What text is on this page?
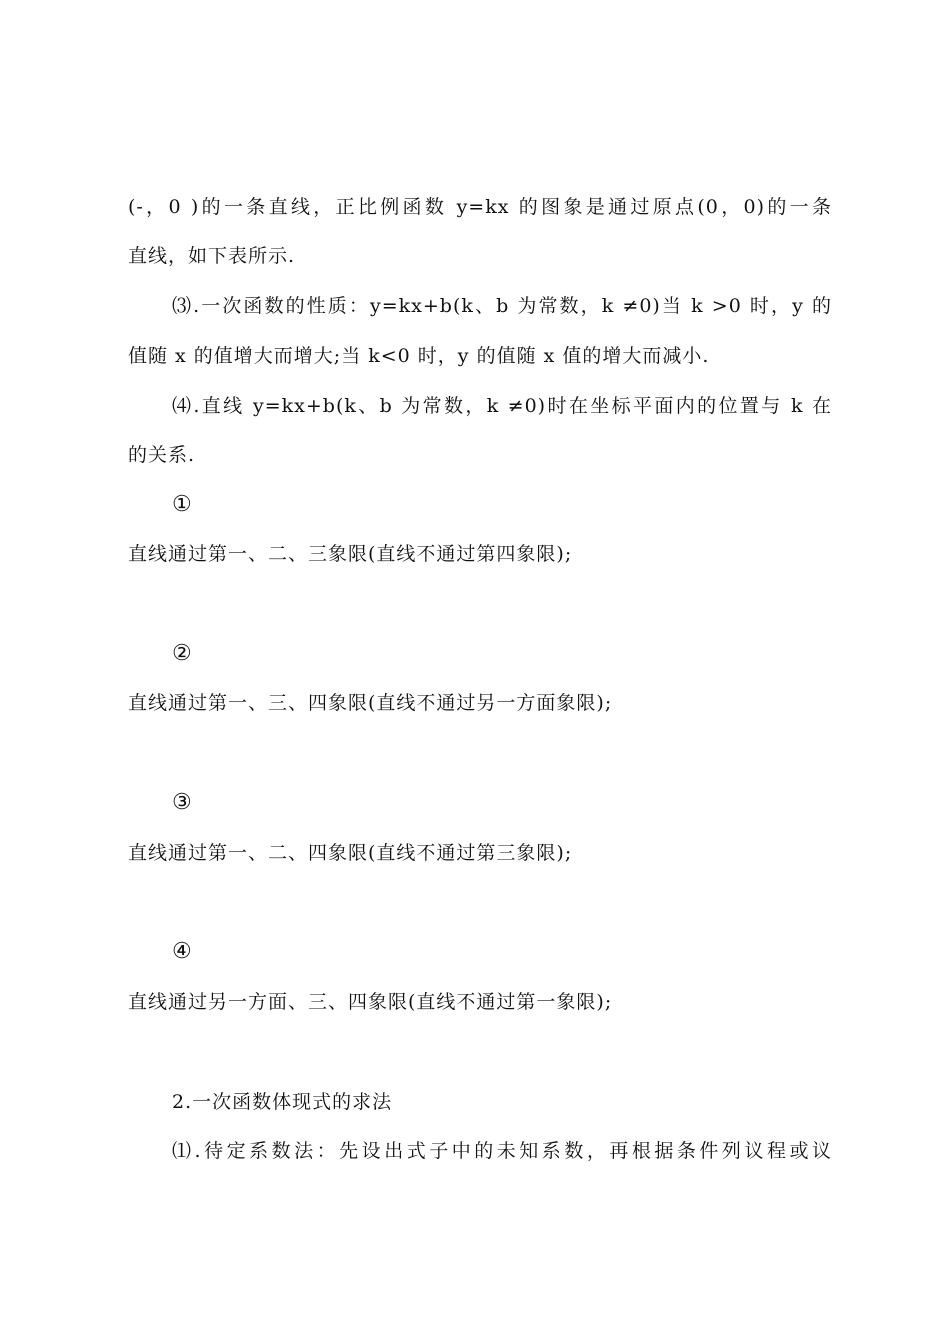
(-，0 )的一条直线，正比例函数 y=kx 的图象是通过原点(0，0)的一条
直线，如下表所示.
⑶.一次函数的性质：y=kx+b(k、b 为常数，k ≠0)当 k >0 时，y 的
值随 x 的值增大而增大;当 k<0 时，y 的值随 x 值的增大而减小.
⑷.直线 y=kx+b(k、b 为常数，k ≠0)时在坐标平面内的位置与 k 在
的关系.
①
直线通过第一、二、三象限(直线不通过第四象限);
②
直线通过第一、三、四象限(直线不通过另一方面象限);
③
直线通过第一、二、四象限(直线不通过第三象限);
④
直线通过另一方面、三、四象限(直线不通过第一象限);
2.一次函数体现式的求法
⑴.待定系数法：先设出式子中的未知系数，再根据条件列议程或议
